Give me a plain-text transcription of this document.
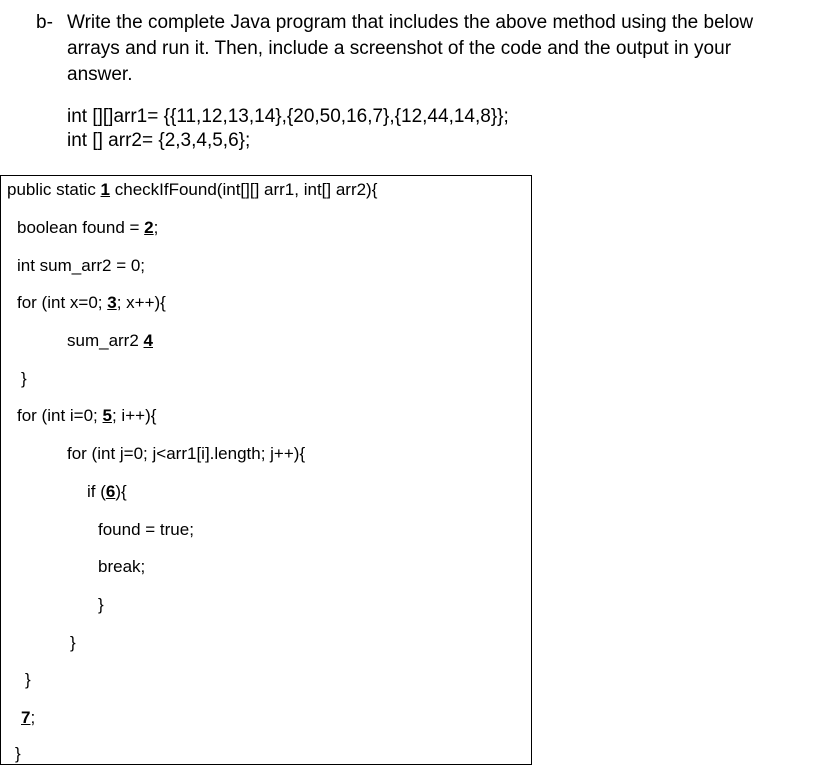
b- Write the complete Java program that includes the above method using the below
arrays and run it. Then, include a screenshot of the code and the output in your
answer.
int [][]arr1= {{11,12,13,14},{20,50,16,7},{12,44,14,8}};
int [] arr2= {2,3,4,5,6};
public static 1 checkIfFound(int[][] arr1, int[] arr2){
boolean found = 2;
int sum_arr2 = 0;
for (int x=0; 3; x++){
sum_arr2 4
}
for (int i=0; 5; i++){
for (int j=0; j<arr1[i].length; j++){
if (6){
found = true;
break;
}
}
}
7;
}
